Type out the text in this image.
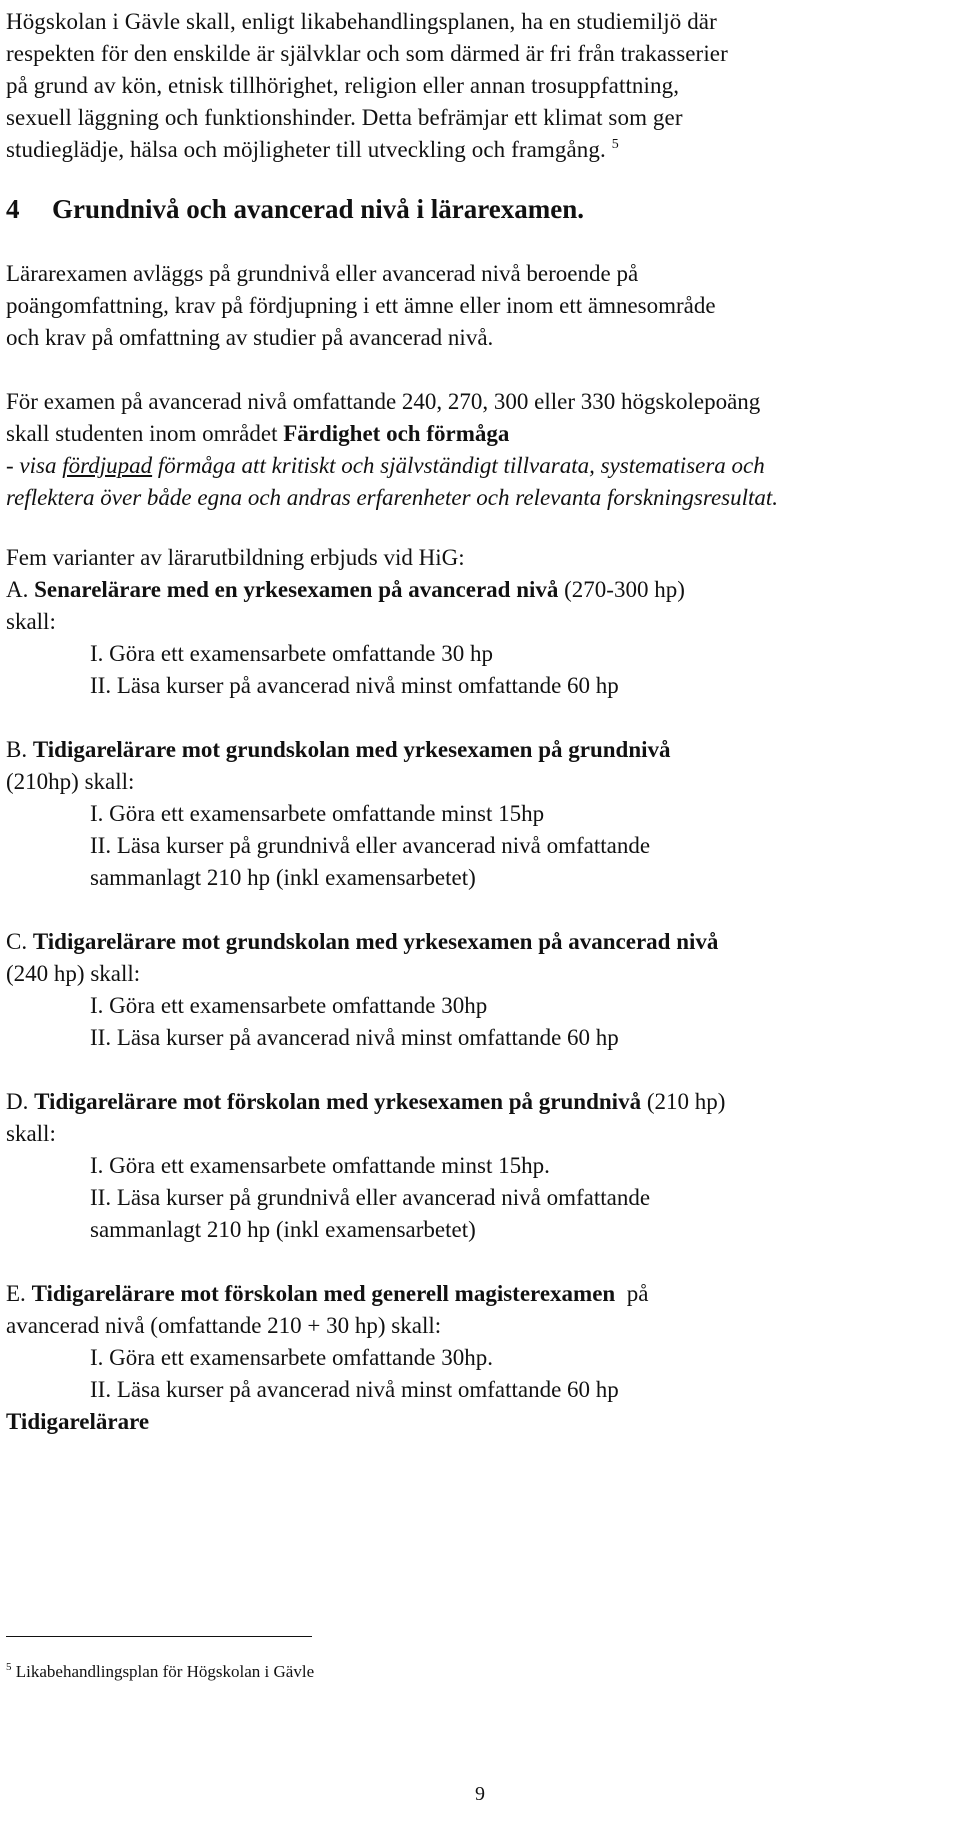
Högskolan i Gävle skall, enligt likabehandlingsplanen, ha en studiemiljö där

respekten för den enskilde är självklar och som därmed är fri från trakasserier

på grund av kön, etnisk tillhörighet, religion eller annan trosuppfattning,

sexuell läggning och funktionshinder. Detta befrämjar ett klimat som ger

studieglädje, hälsa och möjligheter till utveckling och framgång. $^5$

4 Grundnivå och avancerad nivå i lärarexamen.

Lärarexamen avläggs på grundnivå eller avancerad nivå beroende på

poängomfattning, krav på fördjupning i ett ämne eller inom ett ämnesområde

och krav på omfattning av studier på avancerad nivå.

För examen på avancerad nivå omfattande 240, 270, 300 eller 330 högskolepoäng

skall studenten inom området Färdighet och förmåga

- visa fördjupad förmåga att kritiskt och självständigt tillvarata, systematisera och

reflektera över både egna och andras erfarenheter och relevanta forskningsresultat.

Fem varianter av lärarutbildning erbjuds vid HiG:

A. Senarelärare med en yrkesexamen på avancerad nivå (270-300 hp)

skall:

I. Göra ett examensarbete omfattande 30 hp

II. Läsa kurser på avancerad nivå minst omfattande 60 hp

B. Tidigarelärare mot grundskolan med yrkesexamen på grundnivå

(210hp) skall:

I. Göra ett examensarbete omfattande minst 15hp

II. Läsa kurser på grundnivå eller avancerad nivå omfattande

sammanlagt 210 hp (inkl examensarbetet)

C. Tidigarelärare mot grundskolan med yrkesexamen på avancerad nivå

(240 hp) skall:

I. Göra ett examensarbete omfattande 30hp

II. Läsa kurser på avancerad nivå minst omfattande 60 hp

D. Tidigarelärare mot förskolan med yrkesexamen på grundnivå (210 hp)

skall:

I. Göra ett examensarbete omfattande minst 15hp.

II. Läsa kurser på grundnivå eller avancerad nivå omfattande

sammanlagt 210 hp (inkl examensarbetet)

E. Tidigarelärare mot förskolan med generell magisterexamen  på

avancerad nivå (omfattande 210 + 30 hp) skall:

I. Göra ett examensarbete omfattande 30hp.

II. Läsa kurser på avancerad nivå minst omfattande 60 hp

Tidigarelärare

$^5$ Likabehandlingsplan för Högskolan i Gävle
9
